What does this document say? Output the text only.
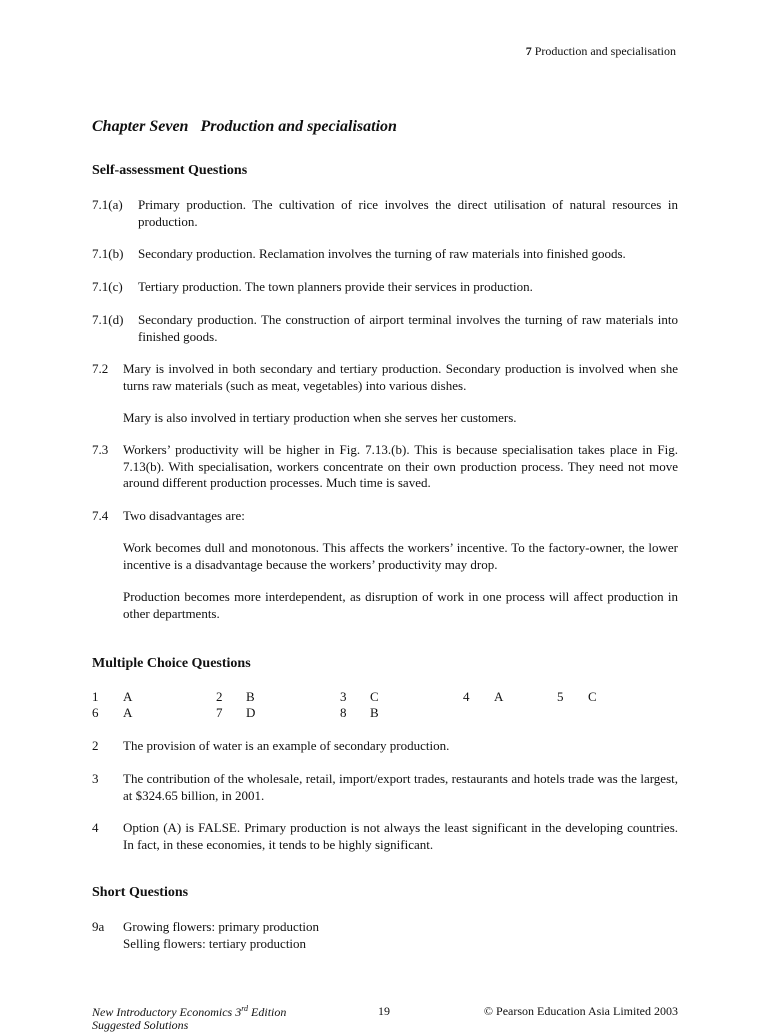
7 Production and specialisation
Chapter Seven Production and specialisation
Self-assessment Questions
7.1(a) Primary production. The cultivation of rice involves the direct utilisation of natural resources in production.
7.1(b) Secondary production. Reclamation involves the turning of raw materials into finished goods.
7.1(c) Tertiary production. The town planners provide their services in production.
7.1(d) Secondary production. The construction of airport terminal involves the turning of raw materials into finished goods.
7.2 Mary is involved in both secondary and tertiary production. Secondary production is involved when she turns raw materials (such as meat, vegetables) into various dishes.
Mary is also involved in tertiary production when she serves her customers.
7.3 Workers’ productivity will be higher in Fig. 7.13.(b). This is because specialisation takes place in Fig. 7.13(b). With specialisation, workers concentrate on their own production process. They need not move around different production processes. Much time is saved.
7.4 Two disadvantages are:
Work becomes dull and monotonous. This affects the workers’ incentive. To the factory-owner, the lower incentive is a disadvantage because the workers’ productivity may drop.
Production becomes more interdependent, as disruption of work in one process will affect production in other departments.
Multiple Choice Questions
1 A	2 B	3 C	4 A	5 C
6 A	7 D	8 B
2 The provision of water is an example of secondary production.
3 The contribution of the wholesale, retail, import/export trades, restaurants and hotels trade was the largest, at $324.65 billion, in 2001.
4 Option (A) is FALSE. Primary production is not always the least significant in the developing countries. In fact, in these economies, it tends to be highly significant.
Short Questions
9a Growing flowers: primary production
Selling flowers: tertiary production
New Introductory Economics 3rd Edition	19	© Pearson Education Asia Limited 2003
Suggested Solutions
